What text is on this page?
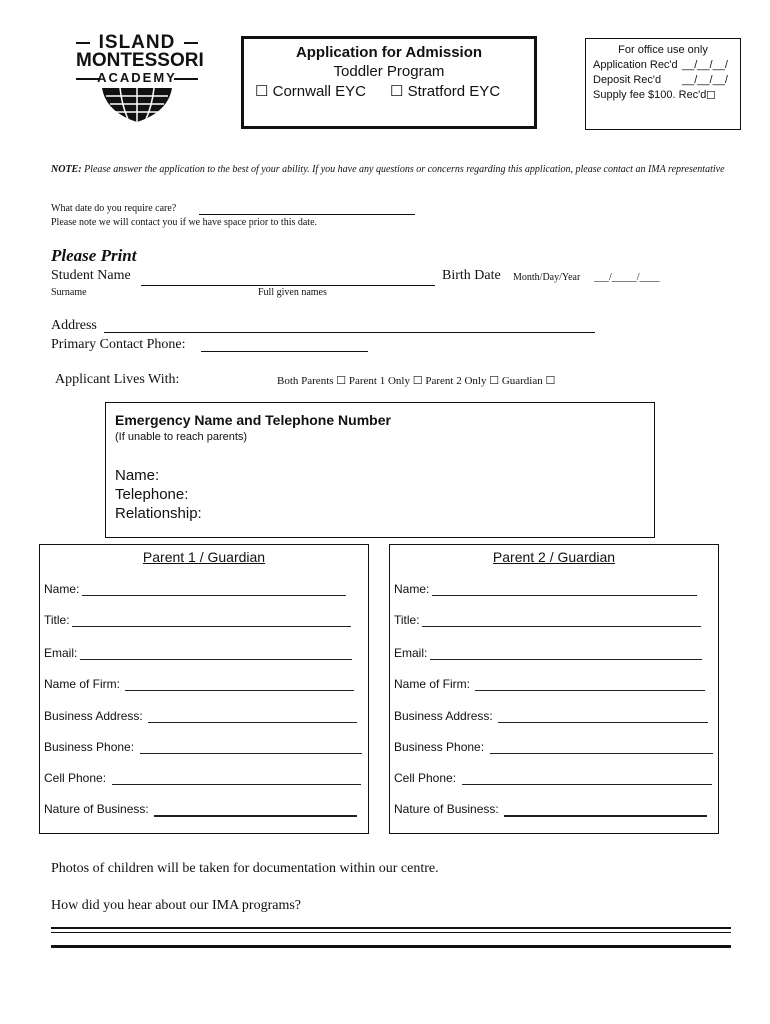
ISLAND
MONTESSORI
ACADEMY
Application for Admission
Toddler Program
☐ Cornwall EYC ☐ Stratford EYC
For office use only
Application Rec'd __/__/__/
Deposit Rec'd __/__/__/
Supply fee $100. Rec'd ☐
NOTE: Please answer the application to the best of your ability. If you have any questions or concerns regarding this application, please contact an IMA representative
What date do you require care?
Please note we will contact you if we have space prior to this date.
Please Print
Student Name	Birth Date Month/Day/Year ___/_____/____
Surname	Full given names
Address
Primary Contact Phone:
Applicant Lives With:	Both Parents ☐ Parent 1 Only ☐ Parent 2 Only ☐ Guardian ☐
Emergency Name and Telephone Number
(If unable to reach parents)
Name:
Telephone:
Relationship:
Parent 1 / Guardian
Name:
Title:
Email:
Name of Firm:
Business Address:
Business Phone:
Cell Phone:
Nature of Business:
Parent 2 / Guardian
Name:
Title:
Email:
Name of Firm:
Business Address:
Business Phone:
Cell Phone:
Nature of Business:
Photos of children will be taken for documentation within our centre.
How did you hear about our IMA programs?
